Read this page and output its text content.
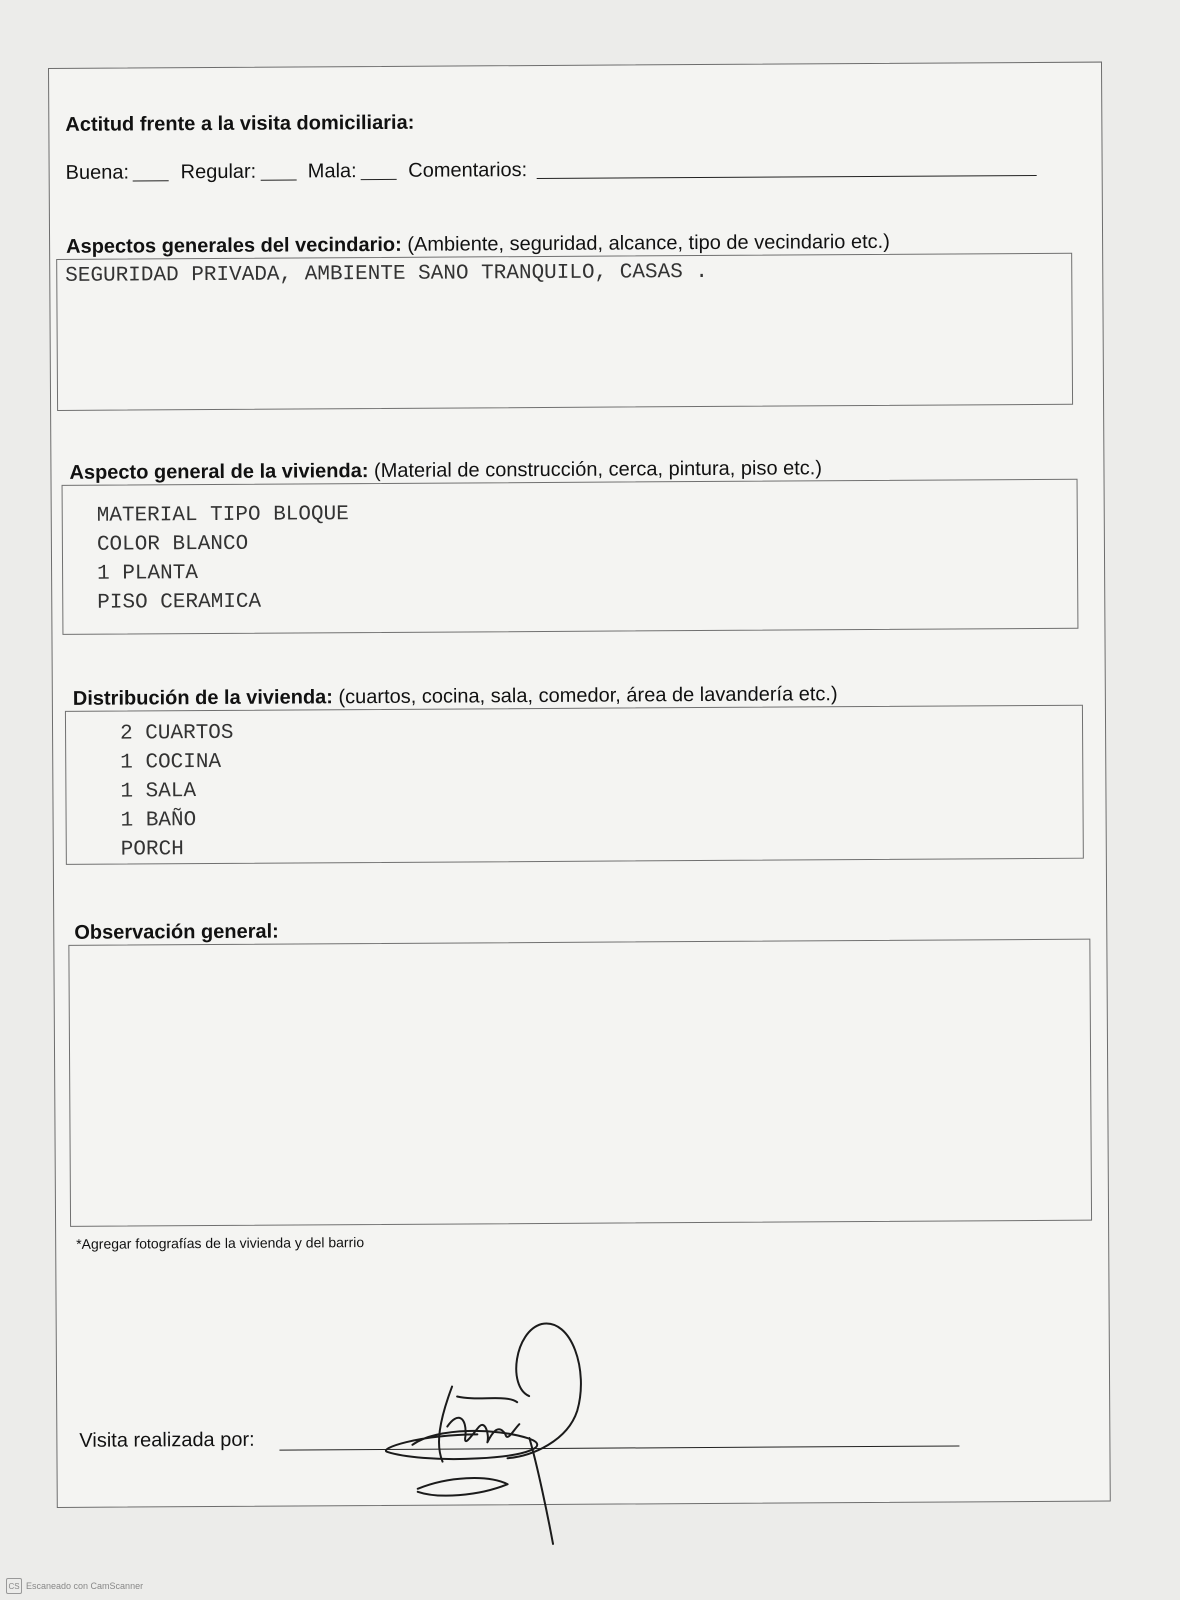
Actitud frente a la visita domiciliaria:
Buena:	Regular:	Mala:	Comentarios:
Aspectos generales del vecindario: (Ambiente, seguridad, alcance, tipo de vecindario etc.)
SEGURIDAD PRIVADA, AMBIENTE SANO TRANQUILO, CASAS .
Aspecto general de la vivienda: (Material de construcción, cerca, pintura, piso etc.)
MATERIAL TIPO BLOQUE
COLOR BLANCO
1 PLANTA
PISO CERAMICA
Distribución de la vivienda: (cuartos, cocina, sala, comedor, área de lavandería etc.)
2 CUARTOS
1 COCINA
1 SALA
1 BAÑO
PORCH
Observación general:
*Agregar fotografías de la vivienda y del barrio
Visita realizada por:
CS Escaneado con CamScanner
